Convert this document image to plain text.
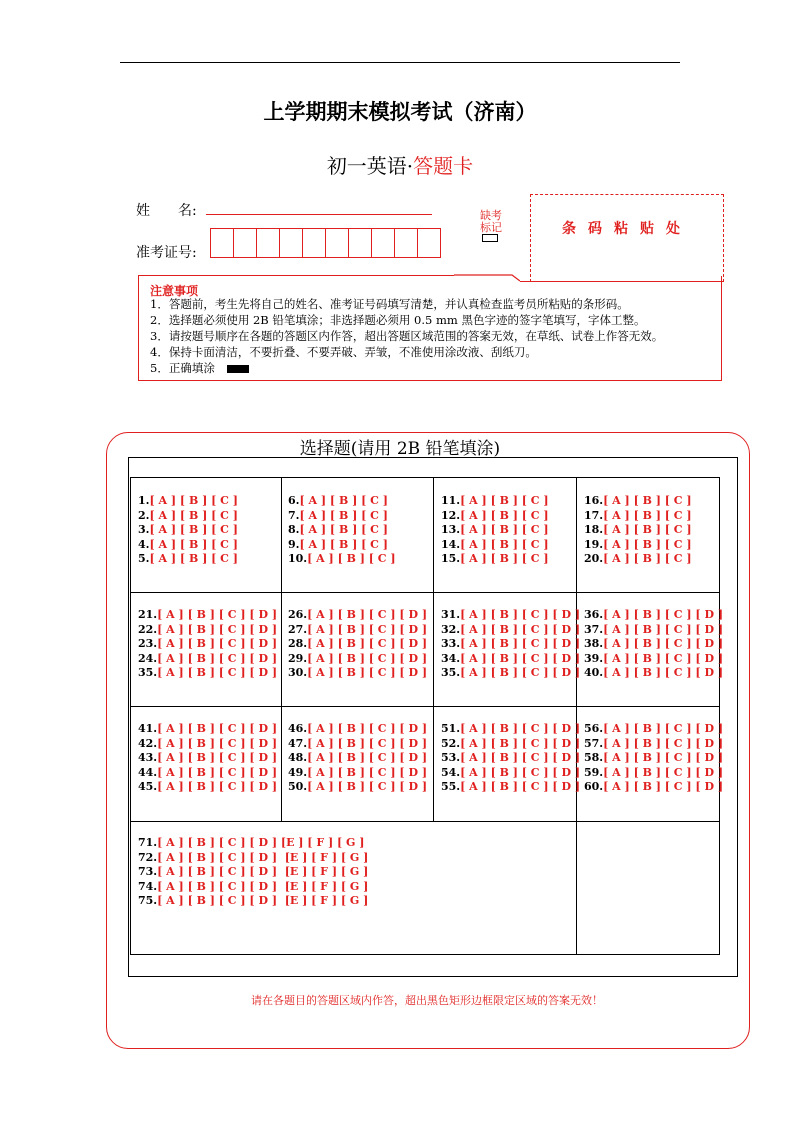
上学期期末模拟考试（济南）
初一英语·答题卡
姓　　名:
准考证号:
缺考标记	条码粘贴处
注意事项
1．答题前，考生先将自己的姓名、准考证号码填写清楚，并认真检查监考员所粘贴的条形码。
2．选择题必须使用 2B 铅笔填涂；非选择题必须用 0.5 mm 黑色字迹的签字笔填写，字体工整。
3．请按题号顺序在各题的答题区内作答，超出答题区域范围的答案无效，在草纸、试卷上作答无效。
4．保持卡面清洁，不要折叠、不要弄破、弄皱，不准使用涂改液、刮纸刀。
5．正确填涂
选择题(请用 2B 铅笔填涂)
1.[ A ] [ B ] [ C ]
2.[ A ] [ B ] [ C ]
3.[ A ] [ B ] [ C ]
4.[ A ] [ B ] [ C ]
5.[ A ] [ B ] [ C ]
6.[ A ] [ B ] [ C ]
7.[ A ] [ B ] [ C ]
8.[ A ] [ B ] [ C ]
9.[ A ] [ B ] [ C ]
10.[ A ] [ B ] [ C ]
11.[ A ] [ B ] [ C ]
12.[ A ] [ B ] [ C ]
13.[ A ] [ B ] [ C ]
14.[ A ] [ B ] [ C ]
15.[ A ] [ B ] [ C ]
16.[ A ] [ B ] [ C ]
17.[ A ] [ B ] [ C ]
18.[ A ] [ B ] [ C ]
19.[ A ] [ B ] [ C ]
20.[ A ] [ B ] [ C ]
21.[ A ] [ B ] [ C ] [ D ]
22.[ A ] [ B ] [ C ] [ D ]
23.[ A ] [ B ] [ C ] [ D ]
24.[ A ] [ B ] [ C ] [ D ]
35.[ A ] [ B ] [ C ] [ D ]
26.[ A ] [ B ] [ C ] [ D ]
27.[ A ] [ B ] [ C ] [ D ]
28.[ A ] [ B ] [ C ] [ D ]
29.[ A ] [ B ] [ C ] [ D ]
30.[ A ] [ B ] [ C ] [ D ]
31.[ A ] [ B ] [ C ] [ D ]
32.[ A ] [ B ] [ C ] [ D ]
33.[ A ] [ B ] [ C ] [ D ]
34.[ A ] [ B ] [ C ] [ D ]
35.[ A ] [ B ] [ C ] [ D ]
36.[ A ] [ B ] [ C ] [ D ]
37.[ A ] [ B ] [ C ] [ D ]
38.[ A ] [ B ] [ C ] [ D ]
39.[ A ] [ B ] [ C ] [ D ]
40.[ A ] [ B ] [ C ] [ D ]
41.[ A ] [ B ] [ C ] [ D ]
42.[ A ] [ B ] [ C ] [ D ]
43.[ A ] [ B ] [ C ] [ D ]
44.[ A ] [ B ] [ C ] [ D ]
45.[ A ] [ B ] [ C ] [ D ]
46.[ A ] [ B ] [ C ] [ D ]
47.[ A ] [ B ] [ C ] [ D ]
48.[ A ] [ B ] [ C ] [ D ]
49.[ A ] [ B ] [ C ] [ D ]
50.[ A ] [ B ] [ C ] [ D ]
51.[ A ] [ B ] [ C ] [ D ]
52.[ A ] [ B ] [ C ] [ D ]
53.[ A ] [ B ] [ C ] [ D ]
54.[ A ] [ B ] [ C ] [ D ]
55.[ A ] [ B ] [ C ] [ D ]
56.[ A ] [ B ] [ C ] [ D ]
57.[ A ] [ B ] [ C ] [ D ]
58.[ A ] [ B ] [ C ] [ D ]
59.[ A ] [ B ] [ C ] [ D ]
60.[ A ] [ B ] [ C ] [ D ]
71.[ A ] [ B ] [ C ] [ D ] [E ] [ F ] [ G ]
72.[ A ] [ B ] [ C ] [ D ]  [E ] [ F ] [ G ]
73.[ A ] [ B ] [ C ] [ D ]  [E ] [ F ] [ G ]
74.[ A ] [ B ] [ C ] [ D ]  [E ] [ F ] [ G ]
75.[ A ] [ B ] [ C ] [ D ]  [E ] [ F ] [ G ]
请在各题目的答题区域内作答，超出黑色矩形边框限定区域的答案无效！
